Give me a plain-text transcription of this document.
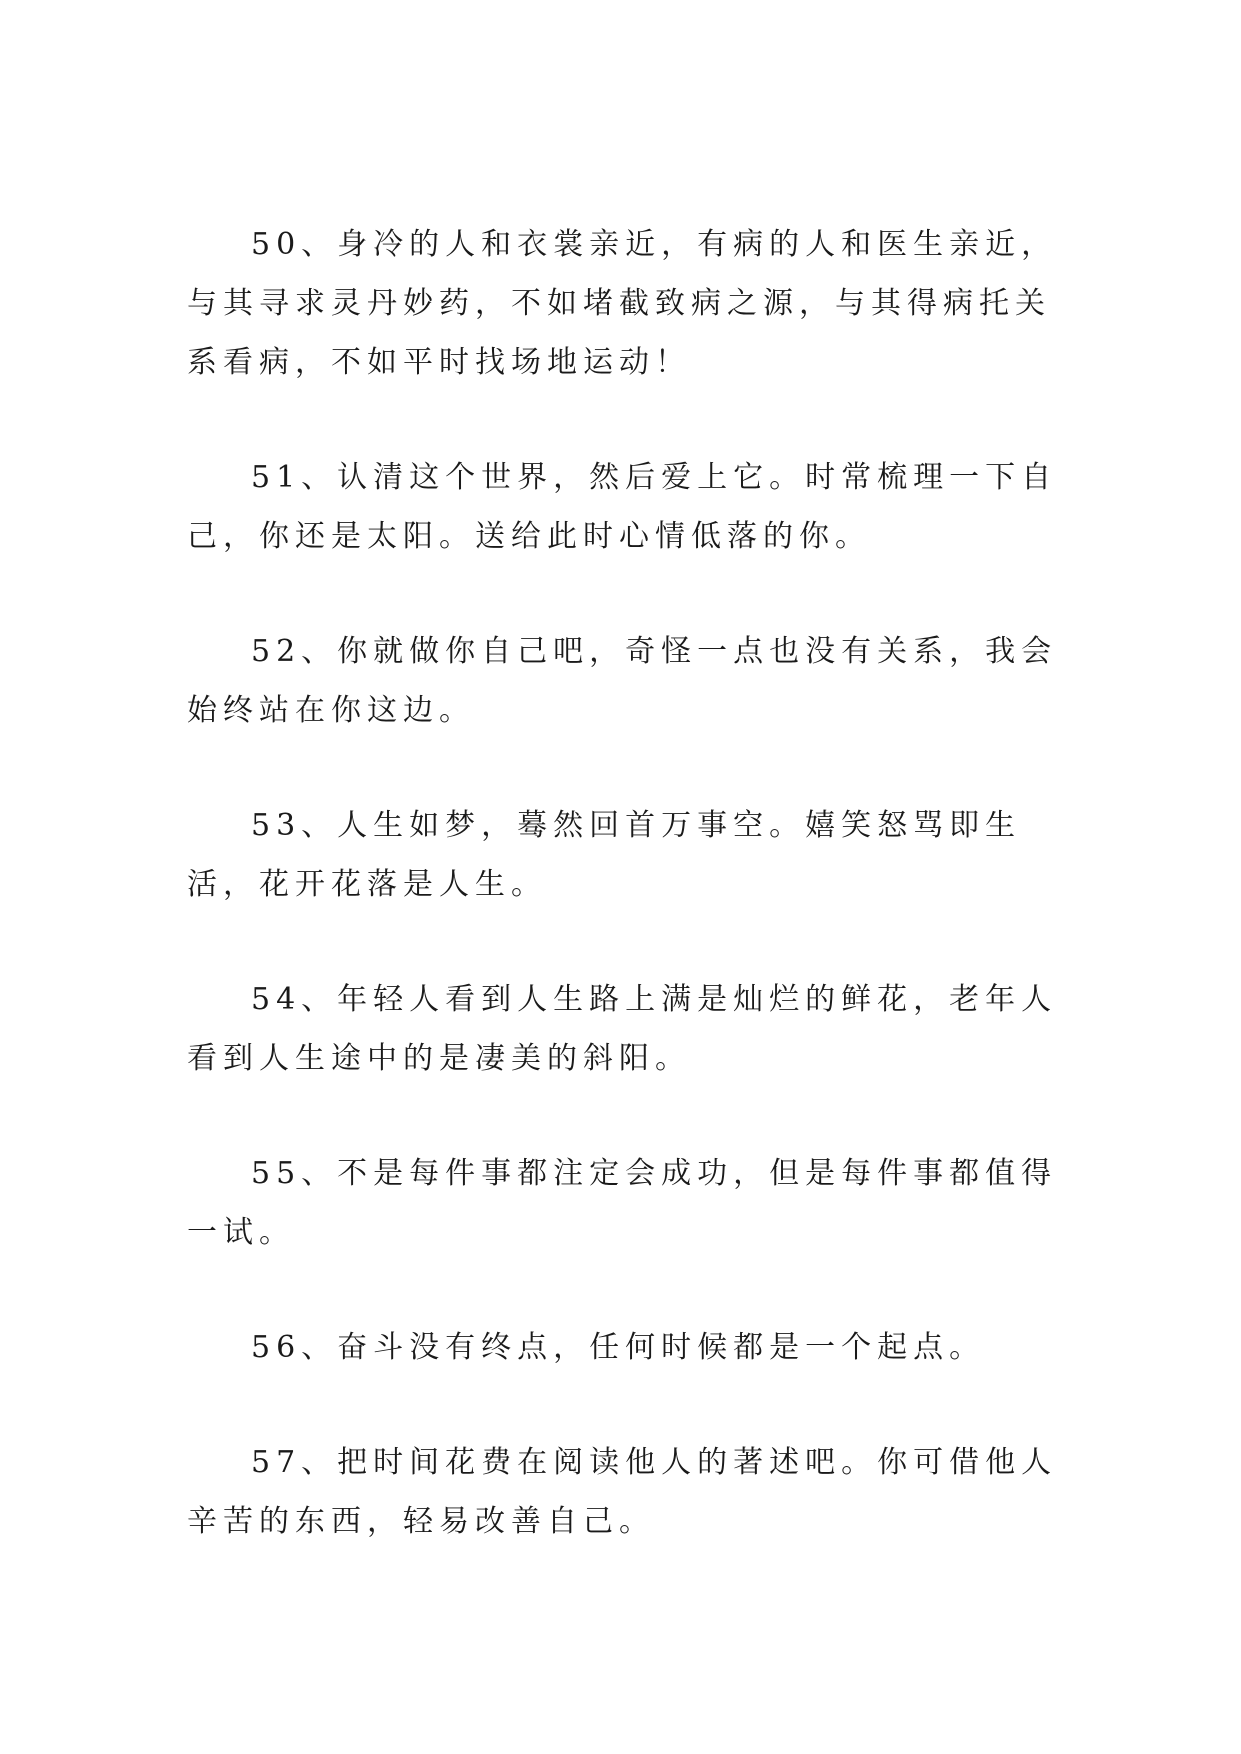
50、身冷的人和衣裳亲近，有病的人和医生亲近，与其寻求灵丹妙药，不如堵截致病之源，与其得病托关系看病，不如平时找场地运动！

51、认清这个世界，然后爱上它。时常梳理一下自己，你还是太阳。送给此时心情低落的你。

52、你就做你自己吧，奇怪一点也没有关系，我会始终站在你这边。

53、人生如梦，蓦然回首万事空。嬉笑怒骂即生活，花开花落是人生。

54、年轻人看到人生路上满是灿烂的鲜花，老年人看到人生途中的是凄美的斜阳。

55、不是每件事都注定会成功，但是每件事都值得一试。

56、奋斗没有终点，任何时候都是一个起点。

57、把时间花费在阅读他人的著述吧。你可借他人辛苦的东西，轻易改善自己。
